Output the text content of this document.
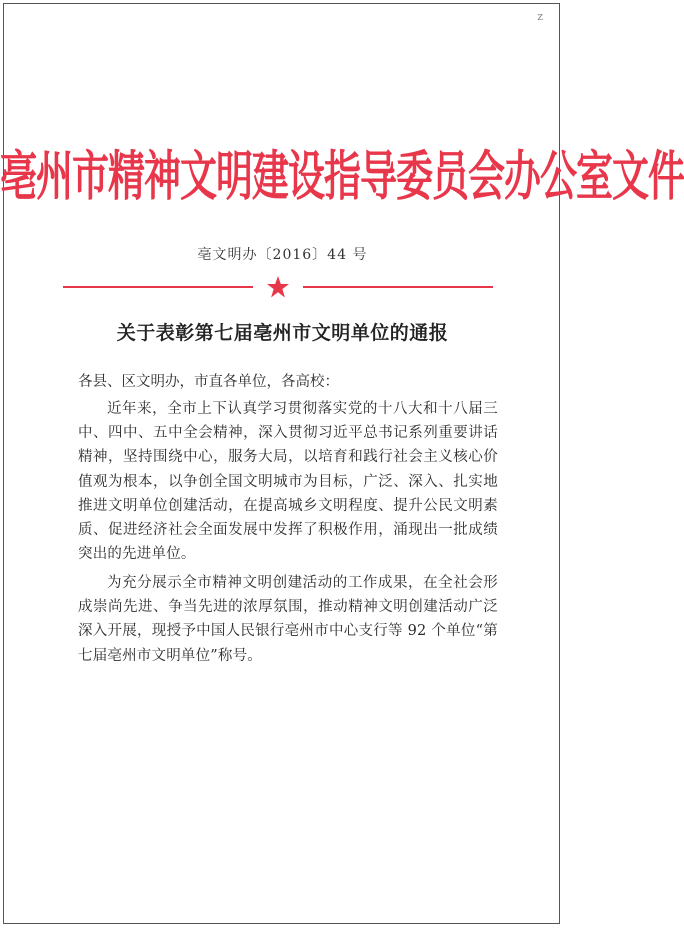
z
亳州市精神文明建设指导委员会办公室文件
亳文明办〔2016〕44 号
关于表彰第七届亳州市文明单位的通报
各县、区文明办，市直各单位，各高校：
近年来，全市上下认真学习贯彻落实党的十八大和十八届三中、四中、五中全会精神，深入贯彻习近平总书记系列重要讲话精神，坚持围绕中心，服务大局，以培育和践行社会主义核心价值观为根本，以争创全国文明城市为目标，广泛、深入、扎实地推进文明单位创建活动，在提高城乡文明程度、提升公民文明素质、促进经济社会全面发展中发挥了积极作用，涌现出一批成绩突出的先进单位。
为充分展示全市精神文明创建活动的工作成果，在全社会形成崇尚先进、争当先进的浓厚氛围，推动精神文明创建活动广泛深入开展，现授予中国人民银行亳州市中心支行等 92 个单位“第七届亳州市文明单位”称号。
